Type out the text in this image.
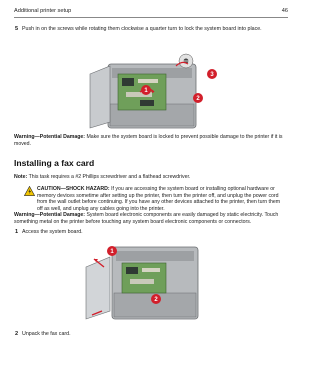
Additional printer setup	46
5 Push in on the screws while rotating them clockwise a quarter turn to lock the system board into place.
1
2
3
Warning—Potential Damage: Make sure the system board is locked to prevent possible damage to the printer if it is moved.
Installing a fax card
Note: This task requires a #2 Phillips screwdriver and a flathead screwdriver.
CAUTION—SHOCK HAZARD: If you are accessing the system board or installing optional hardware or memory devices sometime after setting up the printer, then turn the printer off, and unplug the power cord from the wall outlet before continuing. If you have any other devices attached to the printer, then turn them off as well, and unplug any cables going into the printer.
Warning—Potential Damage: System board electronic components are easily damaged by static electricity. Touch something metal on the printer before touching any system board electronic components or connectors.
1 Access the system board.
1
2
2 Unpack the fax card.
